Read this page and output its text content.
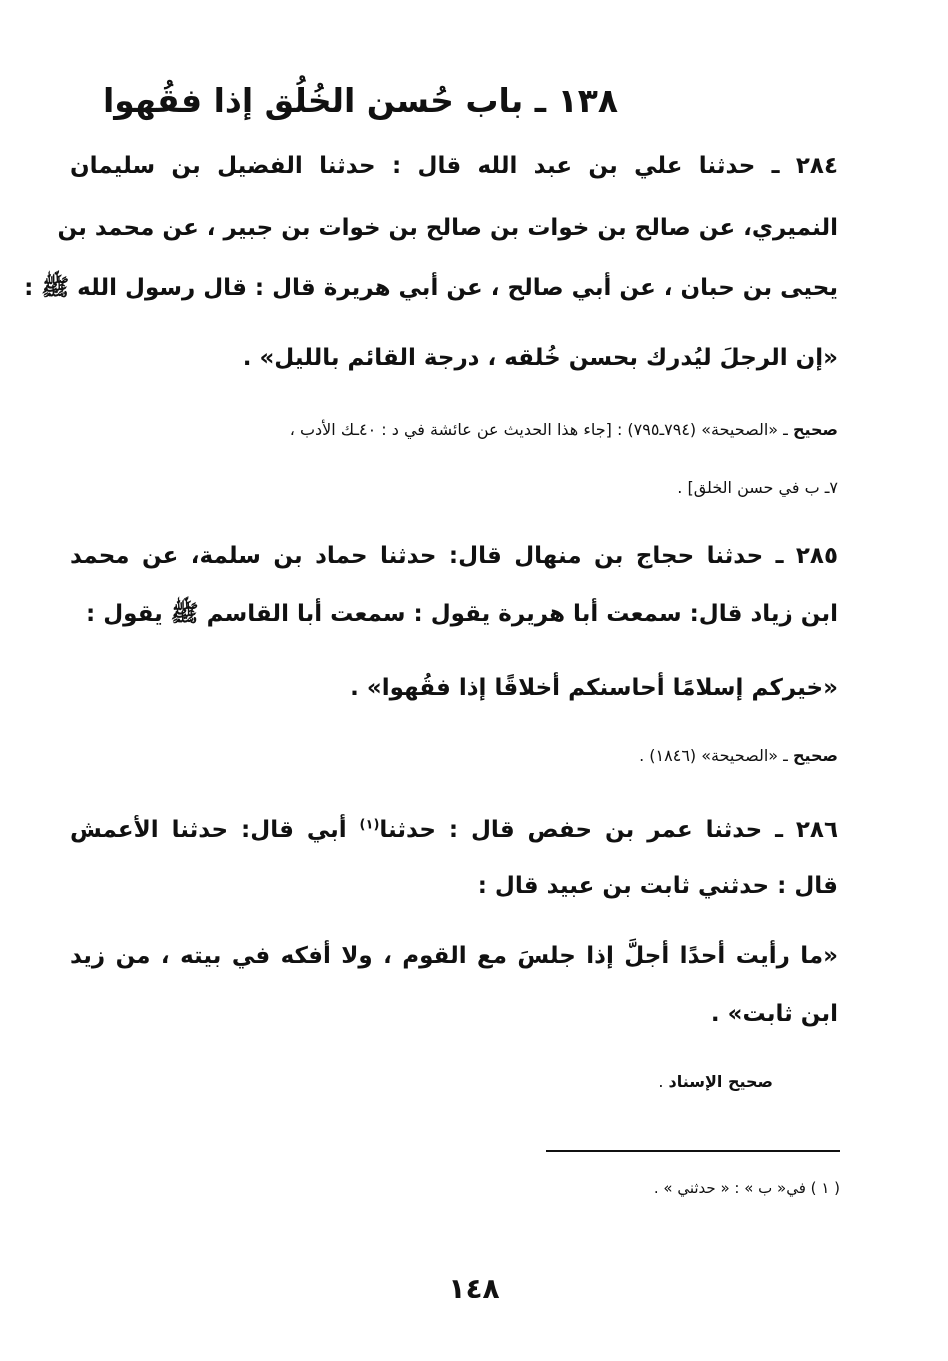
١٣٨ ـ باب حُسن الخُلُق إذا فقُهوا
٢٨٤ ـ حدثنا علي بن عبد الله قال : حدثنا الفضيل بن سليمان
النميري، عن صالح بن خوات بن صالح بن خوات بن جبير ، عن محمد بن
يحيى بن حبان ، عن أبي صالح ، عن أبي هريرة قال : قال رسول الله ﷺ :
«إن الرجلَ ليُدرك بحسن خُلقه ، درجة القائم بالليل» .
صحيح ـ «الصحيحة» (٧٩٤ـ٧٩٥) : [جاء هذا الحديث عن عائشة في د : ٤٠ـك الأدب ،
٧ـ ب في حسن الخلق] .
٢٨٥ ـ حدثنا حجاج بن منهال قال: حدثنا حماد بن سلمة، عن محمد
ابن زياد قال: سمعت أبا هريرة يقول : سمعت أبا القاسم ﷺ يقول :
«خيركم إسلامًا أحاسنكم أخلاقًا إذا فقُهوا» .
صحيح ـ «الصحيحة» (١٨٤٦) .
٢٨٦ ـ حدثنا عمر بن حفص قال : حدثنا$^{(١)}$ أبي قال: حدثنا الأعمش
قال : حدثني ثابت بن عبيد قال :
«ما رأيت أحدًا أجلَّ إذا جلسَ مع القوم ، ولا أفكه في بيته ، من زيد
ابن ثابت» .
صحيح الإسناد .
( ١ ) في« ب » : « حدثني » .
١٤٨
